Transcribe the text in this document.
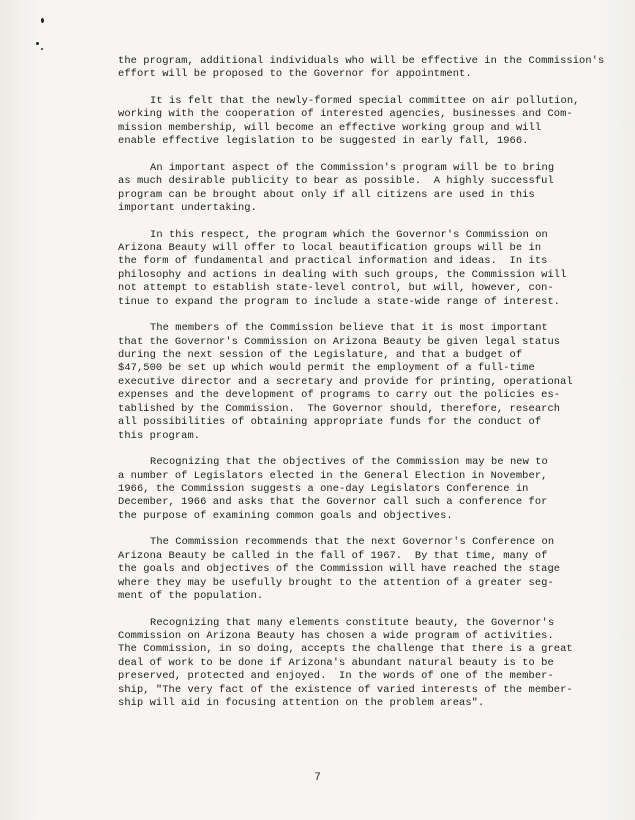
the program, additional individuals who will be effective in the Commission's
effort will be proposed to the Governor for appointment.
It is felt that the newly-formed special committee on air pollution,
working with the cooperation of interested agencies, businesses and Com-
mission membership, will become an effective working group and will
enable effective legislation to be suggested in early fall, 1966.
An important aspect of the Commission's program will be to bring
as much desirable publicity to bear as possible.  A highly successful
program can be brought about only if all citizens are used in this
important undertaking.
In this respect, the program which the Governor's Commission on
Arizona Beauty will offer to local beautification groups will be in
the form of fundamental and practical information and ideas.  In its
philosophy and actions in dealing with such groups, the Commission will
not attempt to establish state-level control, but will, however, con-
tinue to expand the program to include a state-wide range of interest.
The members of the Commission believe that it is most important
that the Governor's Commission on Arizona Beauty be given legal status
during the next session of the Legislature, and that a budget of
$47,500 be set up which would permit the employment of a full-time
executive director and a secretary and provide for printing, operational
expenses and the development of programs to carry out the policies es-
tablished by the Commission.  The Governor should, therefore, research
all possibilities of obtaining appropriate funds for the conduct of
this program.
Recognizing that the objectives of the Commission may be new to
a number of Legislators elected in the General Election in November,
1966, the Commission suggests a one-day Legislators Conference in
December, 1966 and asks that the Governor call such a conference for
the purpose of examining common goals and objectives.
The Commission recommends that the next Governor's Conference on
Arizona Beauty be called in the fall of 1967.  By that time, many of
the goals and objectives of the Commission will have reached the stage
where they may be usefully brought to the attention of a greater seg-
ment of the population.
Recognizing that many elements constitute beauty, the Governor's
Commission on Arizona Beauty has chosen a wide program of activities.
The Commission, in so doing, accepts the challenge that there is a great
deal of work to be done if Arizona's abundant natural beauty is to be
preserved, protected and enjoyed.  In the words of one of the member-
ship, "The very fact of the existence of varied interests of the member-
ship will aid in focusing attention on the problem areas".
7
